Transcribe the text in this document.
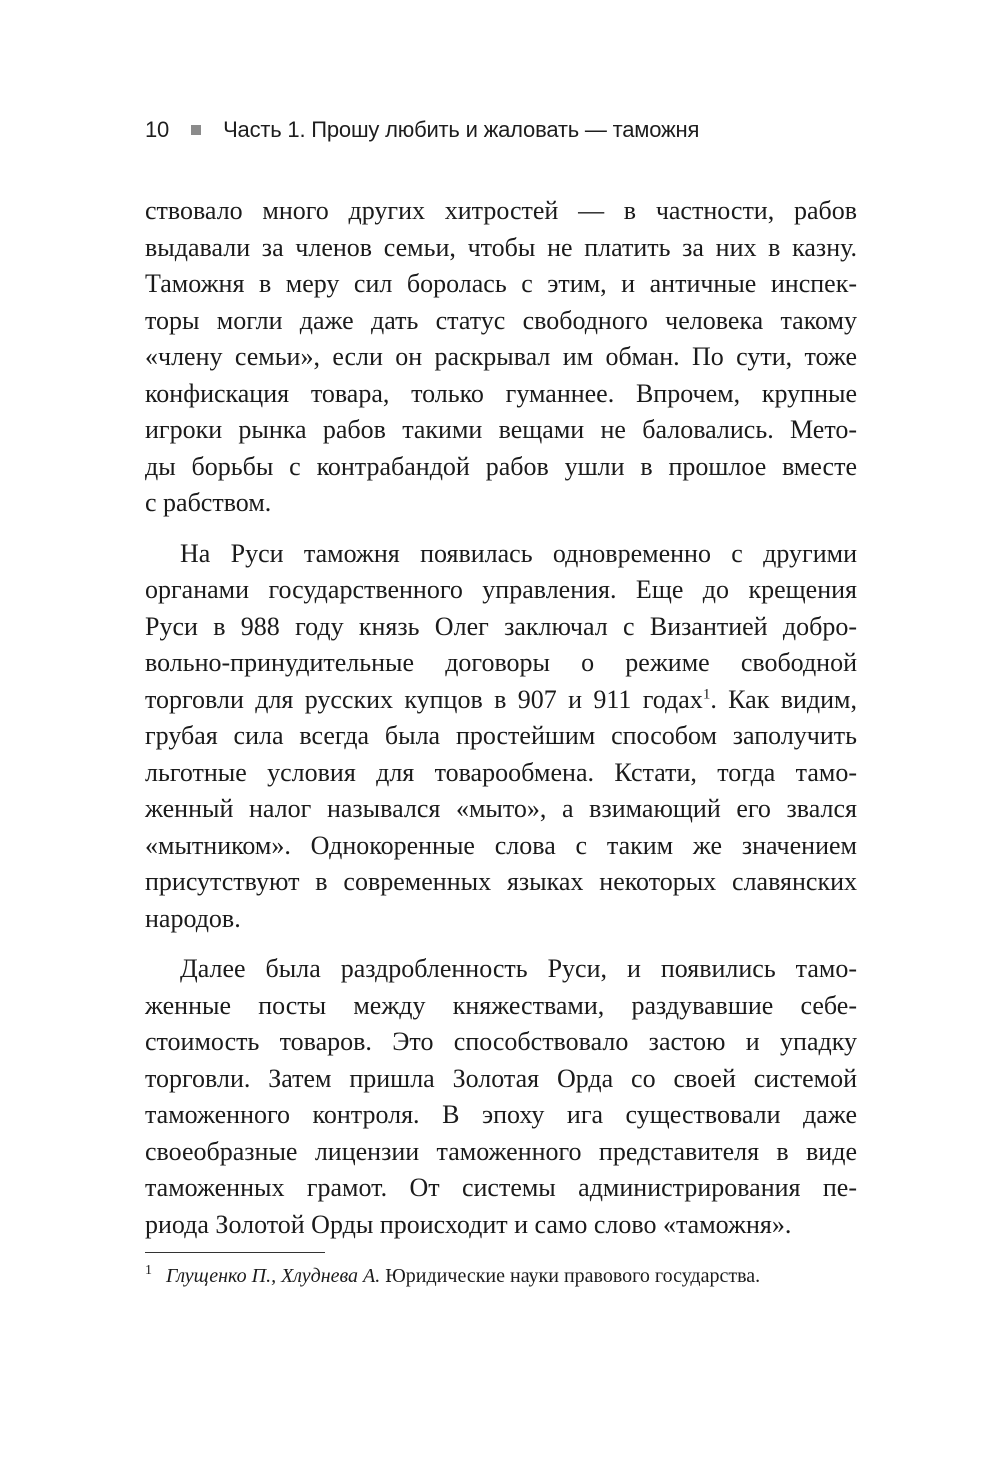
10 Часть 1. Прошу любить и жаловать — таможня

ствовало много других хитростей — в частности, рабов

выдавали за членов семьи, чтобы не платить за них в казну.

Таможня в меру сил боролась с этим, и античные инспек-

торы могли даже дать статус свободного человека такому

«члену семьи», если он раскрывал им обман. По сути, тоже

конфискация товара, только гуманнее. Впрочем, крупные

игроки рынка рабов такими вещами не баловались. Мето-

ды борьбы с контрабандой рабов ушли в прошлое вместе

с рабством.

На Руси таможня появилась одновременно с другими

органами государственного управления. Еще до крещения

Руси в 988 году князь Олег заключал с Византией добро-

вольно-принудительные договоры о режиме свободной

торговли для русских купцов в 907 и 911 годах$^1$. Как видим,

грубая сила всегда была простейшим способом заполучить

льготные условия для товарообмена. Кстати, тогда тамо-

женный налог назывался «мыто», а взимающий его звался

«мытником». Однокоренные слова с таким же значением

присутствуют в современных языках некоторых славянских

народов.

Далее была раздробленность Руси, и появились тамо-

женные посты между княжествами, раздувавшие себе-

стоимость товаров. Это способствовало застою и упадку

торговли. Затем пришла Золотая Орда со своей системой

таможенного контроля. В эпоху ига существовали даже

своеобразные лицензии таможенного представителя в виде

таможенных грамот. От системы администрирования пе-

риода Золотой Орды происходит и само слово «таможня».

$^1$ Глущенко П., Хлуднева А. Юридические науки правового государства.
